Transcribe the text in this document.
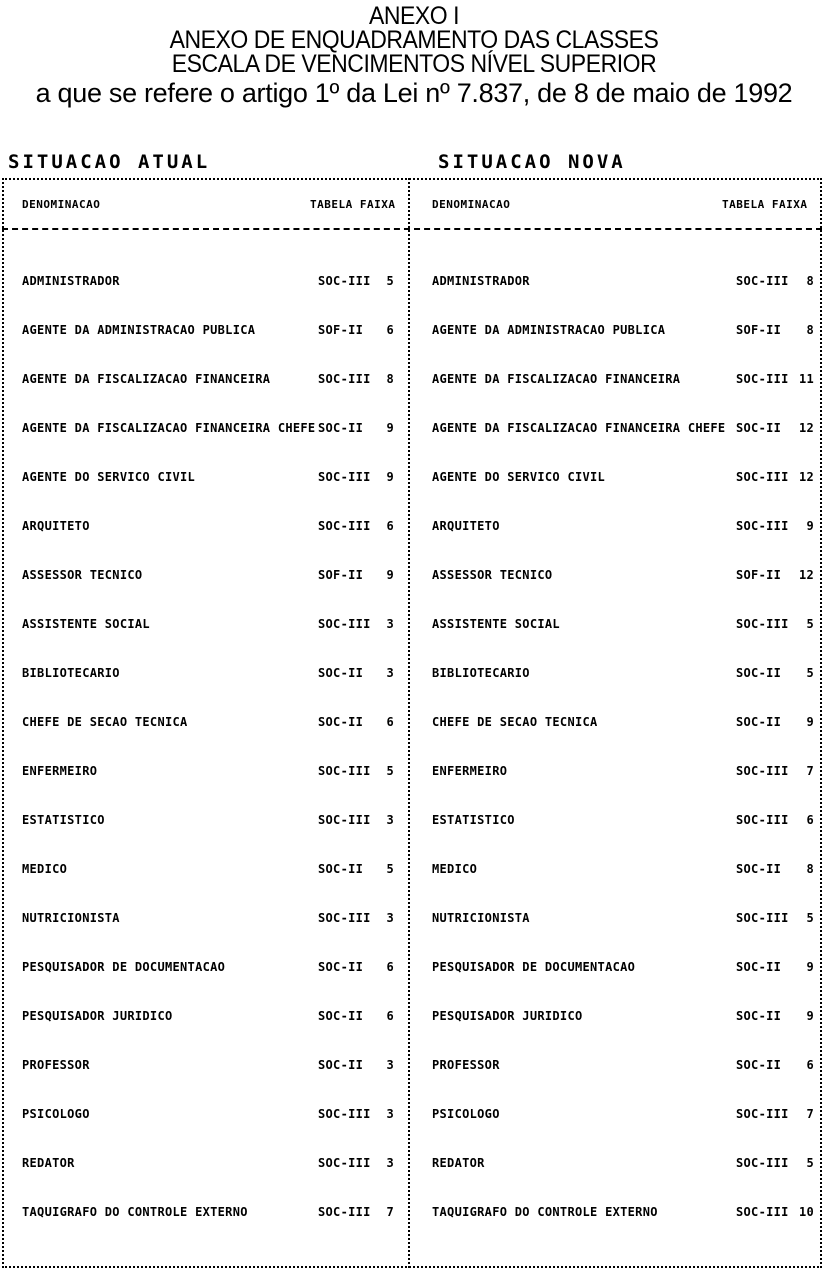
ANEXO I
ANEXO DE ENQUADRAMENTO DAS CLASSES
ESCALA DE VENCIMENTOS NÍVEL SUPERIOR
a que se refere o artigo 1º da Lei nº 7.837, de 8 de maio de 1992
SITUACAO ATUAL	SITUACAO NOVA
DENOMINACAO	TABELA FAIXA	DENOMINACAO	TABELA FAIXA
ADMINISTRADOR	SOC-III	5
AGENTE DA ADMINISTRACAO PUBLICA	SOF-II	6
AGENTE DA FISCALIZACAO FINANCEIRA	SOC-III	8
AGENTE DA FISCALIZACAO FINANCEIRA CHEFE SOC-II	9
AGENTE DO SERVICO CIVIL	SOC-III	9
ARQUITETO	SOC-III	6
ASSESSOR TECNICO	SOF-II	9
ASSISTENTE SOCIAL	SOC-III	3
BIBLIOTECARIO	SOC-II	3
CHEFE DE SECAO TECNICA	SOC-II	6
ENFERMEIRO	SOC-III	5
ESTATISTICO	SOC-III	3
MEDICO	SOC-II	5
NUTRICIONISTA	SOC-III	3
PESQUISADOR DE DOCUMENTACAO	SOC-II	6
PESQUISADOR JURIDICO	SOC-II	6
PROFESSOR	SOC-II	3
PSICOLOGO	SOC-III	3
REDATOR	SOC-III	3
TAQUIGRAFO DO CONTROLE EXTERNO	SOC-III	7
ADMINISTRADOR	SOC-III	8
AGENTE DA ADMINISTRACAO PUBLICA	SOF-II	8
AGENTE DA FISCALIZACAO FINANCEIRA	SOC-III 11
AGENTE DA FISCALIZACAO FINANCEIRA CHEFE SOC-II	12
AGENTE DO SERVICO CIVIL	SOC-III 12
ARQUITETO	SOC-III	9
ASSESSOR TECNICO	SOF-II	12
ASSISTENTE SOCIAL	SOC-III	5
BIBLIOTECARIO	SOC-II	5
CHEFE DE SECAO TECNICA	SOC-II	9
ENFERMEIRO	SOC-III	7
ESTATISTICO	SOC-III	6
MEDICO	SOC-II	8
NUTRICIONISTA	SOC-III	5
PESQUISADOR DE DOCUMENTACAO	SOC-II	9
PESQUISADOR JURIDICO	SOC-II	9
PROFESSOR	SOC-II	6
PSICOLOGO	SOC-III	7
REDATOR	SOC-III	5
TAQUIGRAFO DO CONTROLE EXTERNO	SOC-III 10
